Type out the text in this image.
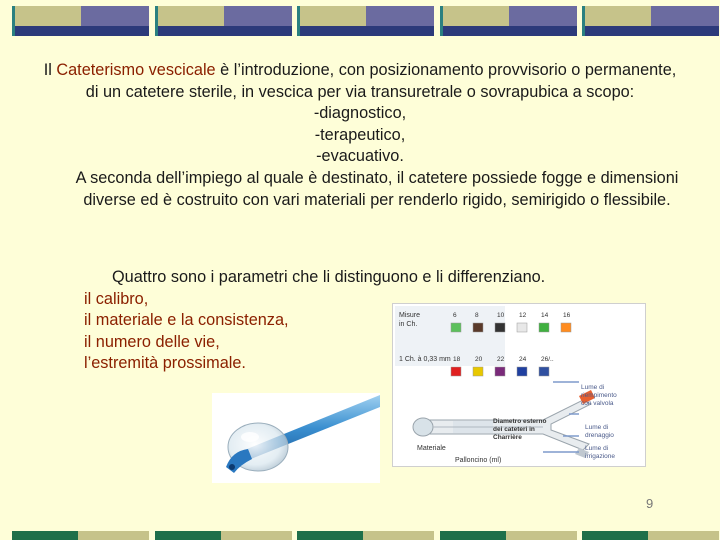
Il Cateterismo vescicale è l’introduzione, con posizionamento provvisorio o permanente, di un catetere sterile, in vescica per via transuretrale o sovrapubica a scopo:

-diagnostico,

-terapeutico,

-evacuativo.

A seconda dell’impiego al quale è destinato, il catetere possiede fogge e dimensioni diverse ed è costruito con vari materiali per renderlo rigido, semirigido o flessibile.

Quattro sono i parametri che li distinguono e li differenziano.
il calibro,
il materiale e la consistenza,
il numero delle vie,
l’estremità prossimale.
Misure
in Ch.
1 Ch. à 0,33 mm
6	8	10 12 14 16
18 20 22 24 26/..
Lume di
riempimento
con valvola
Diametro esterno
dei cateteri in
Charrière
Lume di
drenaggio
Lume di
irrigazione
Materiale
Palloncino (ml)
9
